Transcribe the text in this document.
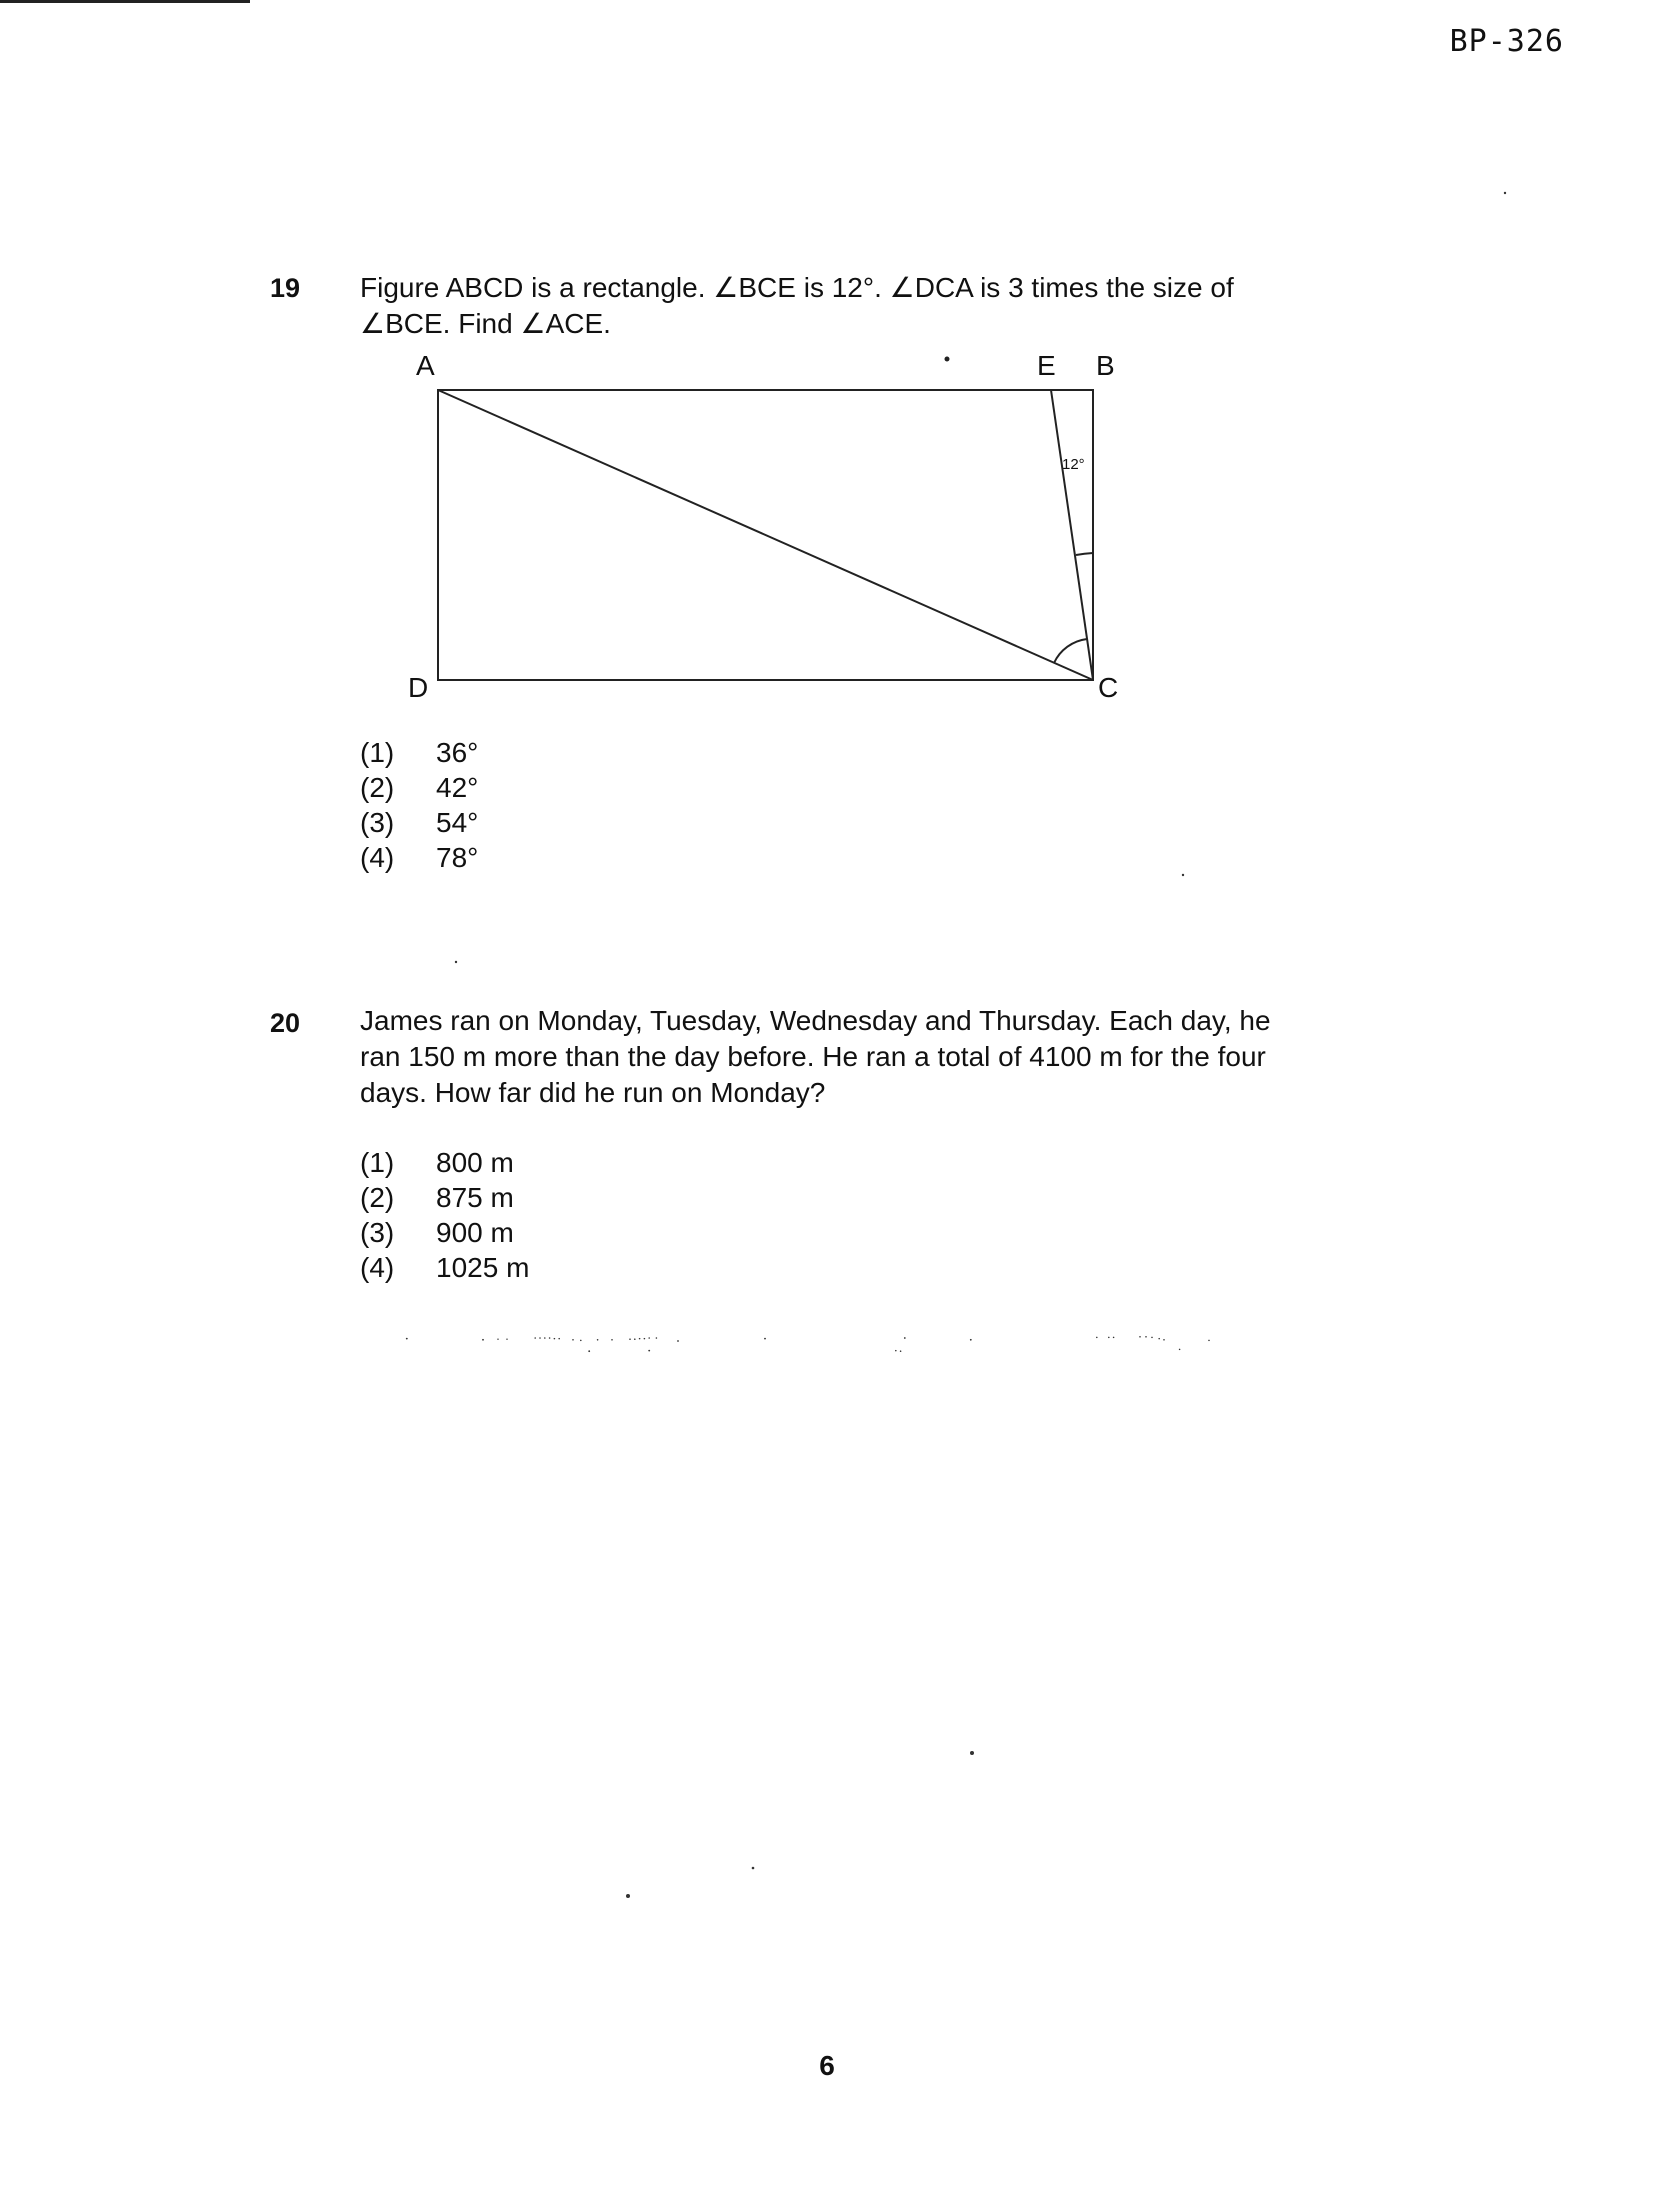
BP-326
19 Figure ABCD is a rectangle. ∠BCE is 12°. ∠DCA is 3 times the size of
∠BCE. Find ∠ACE.
A	E B
D	C
12°
(1)	36°
(2)	42°
(3)	54°
(4)	78°
20 James ran on Monday, Tuesday, Wednesday and Thursday. Each day, he
ran 150 m more than the day before. He ran a total of 4100 m for the four
days. How far did he run on Monday?
(1)	800 m
(2)	875 m
(3)	900 m
(4)	1025 m
6
